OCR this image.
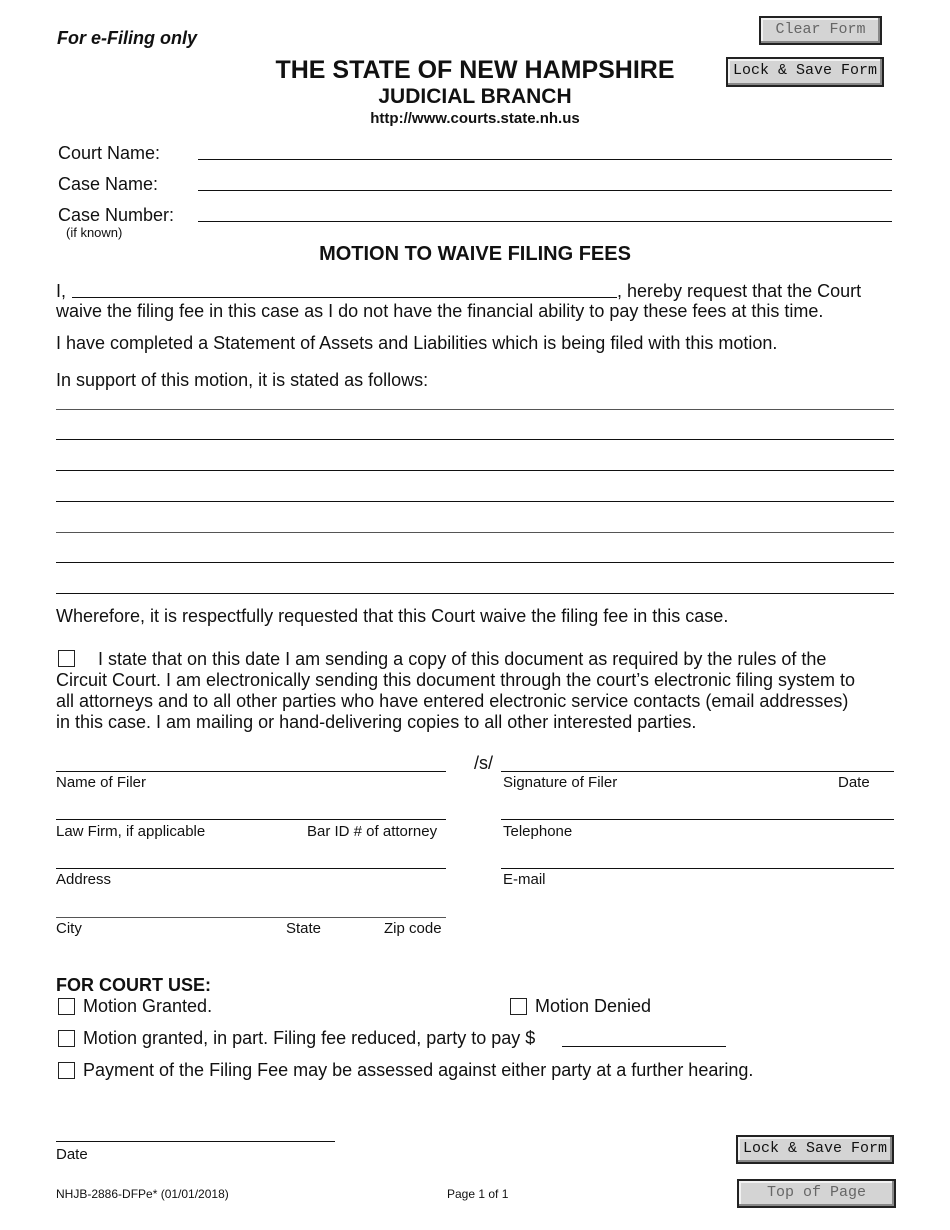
For e-Filing only	Clear Form
Lock & Save Form
THE STATE OF NEW HAMPSHIRE
JUDICIAL BRANCH
http://www.courts.state.nh.us
Court Name:
Case Name:
Case Number:
(if known)
MOTION TO WAIVE FILING FEES
I,	, hereby request that the Court
waive the filing fee in this case as I do not have the financial ability to pay these fees at this time.
I have completed a Statement of Assets and Liabilities which is being filed with this motion.
In support of this motion, it is stated as follows:
Wherefore, it is respectfully requested that this Court waive the filing fee in this case.
I state that on this date I am sending a copy of this document as required by the rules of the
Circuit Court. I am electronically sending this document through the court’s electronic filing system to
all attorneys and to all other parties who have entered electronic service contacts (email addresses)
in this case. I am mailing or hand-delivering copies to all other interested parties.
/s/
Name of Filer	Signature of Filer	Date
Law Firm, if applicable	Bar ID # of attorney	Telephone
Address	E-mail
City	State	Zip code
FOR COURT USE:
Motion Granted.	Motion Denied
Motion granted, in part. Filing fee reduced, party to pay $
Payment of the Filing Fee may be assessed against either party at a further hearing.
Date	Lock & Save Form
Top of Page
NHJB-2886-DFPe* (01/01/2018)	Page 1 of 1
